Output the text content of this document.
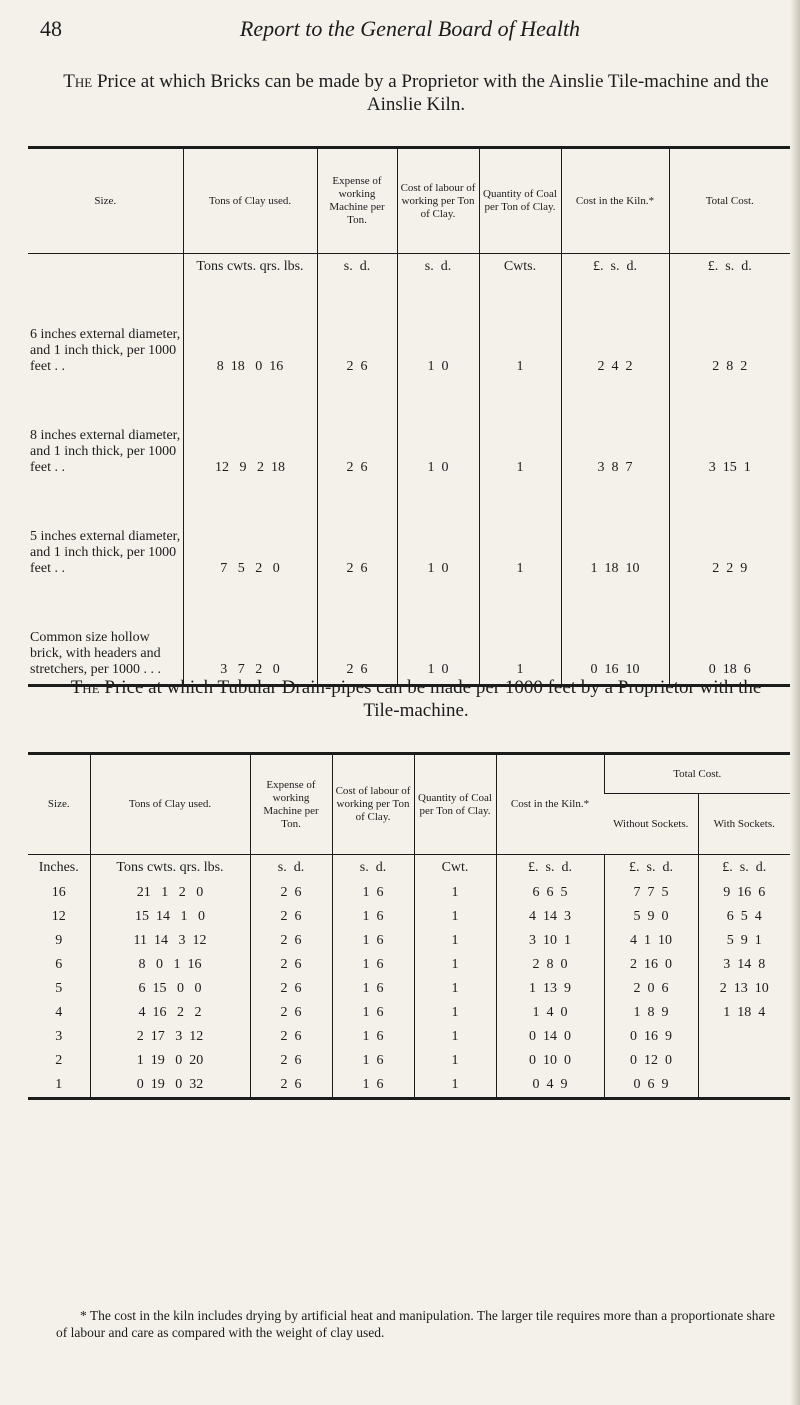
48	Report to the General Board of Health
The Price at which Bricks can be made by a Proprietor with the Ainslie Tile-machine and the Ainslie Kiln.
Size.	Tons of Clay used.	Expense of working Machine per Ton.	Cost of labour of working per Ton of Clay.	Quantity of Coal per Ton of Clay.	Cost in the Kiln.*	Total Cost.
	Tons cwts. qrs. lbs.	s.  d.	s.  d.	Cwts.	£.  s.  d.	£.  s.  d.
6 inches external diameter, and 1 inch thick, per 1000 feet . .	8  18   0  16	2  6	1  0	1	2  4  2	2  8  2
8 inches external diameter, and 1 inch thick, per 1000 feet . .	12   9   2  18	2  6	1  0	1	3  8  7	3  15  1
5 inches external diameter, and 1 inch thick, per 1000 feet . .	7   5   2   0	2  6	1  0	1	1  18  10	2  2  9
Common size hollow brick, with headers and stretchers, per 1000 . . .	3   7   2   0	2  6	1  0	1	0  16  10	0  18  6
The Price at which Tubular Drain-pipes can be made per 1000 feet by a Proprietor with the Tile-machine.
Size.	Tons of Clay used.	Expense of working Machine per Ton.	Cost of labour of working per Ton of Clay.	Quantity of Coal per Ton of Clay.	Cost in the Kiln.*	Total Cost.	
						Without Sockets.	With Sockets.
Inches.	Tons cwts. qrs. lbs.	s.  d.	s.  d.	Cwt.	£.  s.  d.	£.  s.  d.	£.  s.  d.
16	21   1   2   0	2  6	1  6	1	6  6  5	7  7  5	9  16  6
12	15  14   1   0	2  6	1  6	1	4  14  3	5  9  0	6  5  4
9	11  14   3  12	2  6	1  6	1	3  10  1	4  1  10	5  9  1
6	8   0   1  16	2  6	1  6	1	2  8  0	2  16  0	3  14  8
5	6  15   0   0	2  6	1  6	1	1  13  9	2  0  6	2  13  10
4	4  16   2   2	2  6	1  6	1	1  4  0	1  8  9	1  18  4
3	2  17   3  12	2  6	1  6	1	0  14  0	0  16  9	
2	1  19   0  20	2  6	1  6	1	0  10  0	0  12  0	
1	0  19   0  32	2  6	1  6	1	0  4  9	0  6  9	

* The cost in the kiln includes drying by artificial heat and manipulation. The larger tile requires more than a proportionate share of labour and care as compared with the weight of clay used.
